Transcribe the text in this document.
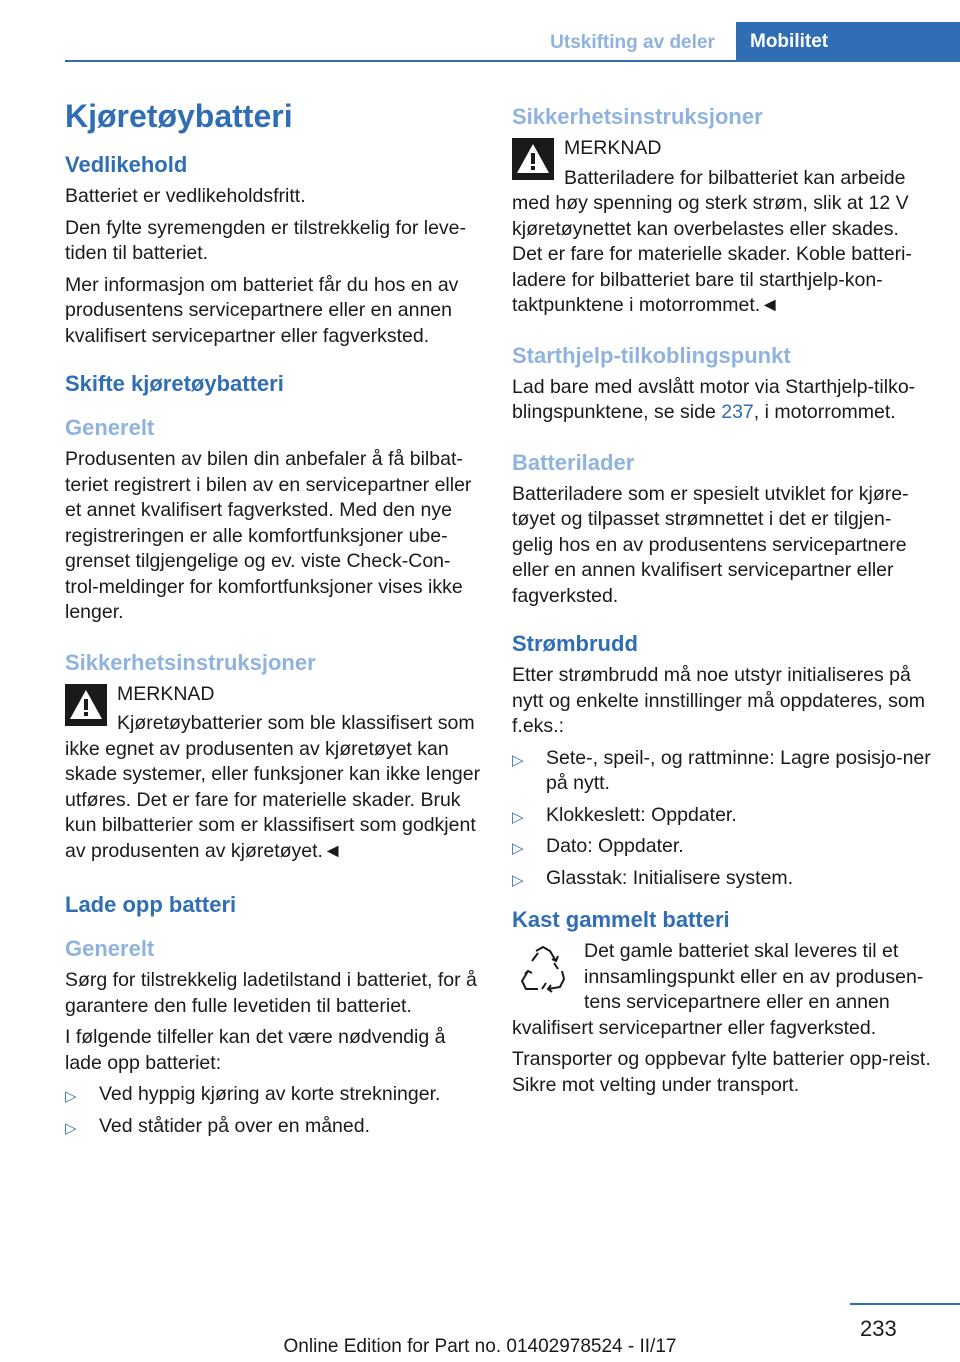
Utskifting av deler	Mobilitet
Kjøretøybatteri
Vedlikehold

Batteriet er vedlikeholdsfritt.

Den fylte syremengden er tilstrekkelig for leve-tiden til batteriet.

Mer informasjon om batteriet får du hos en av produsentens servicepartnere eller en annen kvalifisert servicepartner eller fagverksted.

Skifte kjøretøybatteri
Generelt

Produsenten av bilen din anbefaler å få bilbat-teriet registrert i bilen av en servicepartner eller et annet kvalifisert fagverksted. Med den nye registreringen er alle komfortfunksjoner ube-grenset tilgjengelige og ev. viste Check-Con-trol-meldinger for komfortfunksjoner vises ikke lenger.

Sikkerhetsinstruksjoner

MERKNAD

Kjøretøybatterier som ble klassifisert som ikke egnet av produsenten av kjøretøyet kan skade systemer, eller funksjoner kan ikke lenger utføres. Det er fare for materielle skader. Bruk kun bilbatterier som er klassifisert som godkjent av produsenten av kjøretøyet.◄

Lade opp batteri
Generelt

Sørg for tilstrekkelig ladetilstand i batteriet, for å garantere den fulle levetiden til batteriet.

I følgende tilfeller kan det være nødvendig å lade opp batteriet:

▷ Ved hyppig kjøring av korte strekninger.
▷ Ved ståtider på over en måned.
Sikkerhetsinstruksjoner

MERKNAD

Batteriladere for bilbatteriet kan arbeide med høy spenning og sterk strøm, slik at 12 V kjøretøynettet kan overbelastes eller skades. Det er fare for materielle skader. Koble batteri-ladere for bilbatteriet bare til starthjelp-kon-taktpunktene i motorrommet.◄

Starthjelp-tilkoblingspunkt

Lad bare med avslått motor via Starthjelp-tilko-blingspunktene, se side 237, i motorrommet.

Batterilader

Batteriladere som er spesielt utviklet for kjøre-tøyet og tilpasset strømnettet i det er tilgjen-gelig hos en av produsentens servicepartnere eller en annen kvalifisert servicepartner eller fagverksted.

Strømbrudd

Etter strømbrudd må noe utstyr initialiseres på nytt og enkelte innstillinger må oppdateres, som f.eks.:

▷ Sete-, speil-, og rattminne: Lagre posisjo-ner på nytt.
▷ Klokkeslett: Oppdater.
▷ Dato: Oppdater.
▷ Glasstak: Initialisere system.
Kast gammelt batteri

Det gamle batteriet skal leveres til et innsamlingspunkt eller en av produsen-tens servicepartnere eller en annen kvalifisert servicepartner eller fagverksted.

Transporter og oppbevar fylte batterier opp-reist. Sikre mot velting under transport.

233
Online Edition for Part no. 01402978524 - II/17
